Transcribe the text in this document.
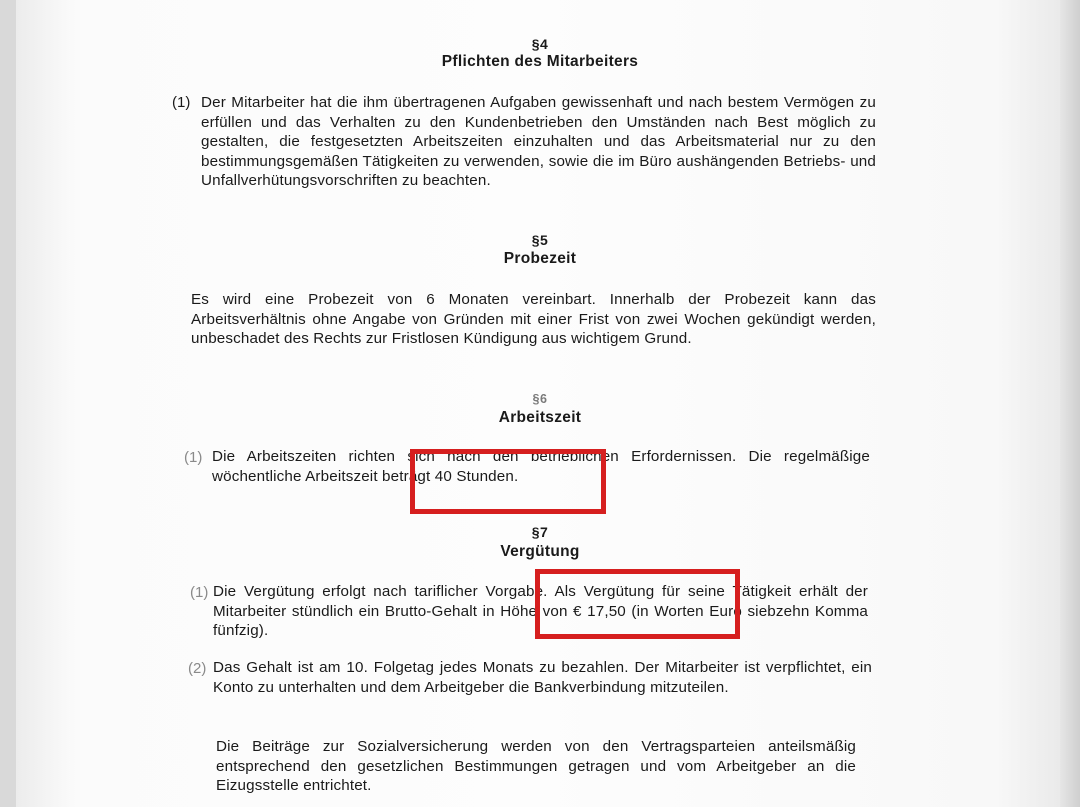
§4

Pflichten des Mitarbeiters

(1) Der Mitarbeiter hat die ihm übertragenen Aufgaben gewissenhaft und nach bestem Vermögen zu erfüllen und das Verhalten zu den Kundenbetrieben den Umständen nach Best möglich zu gestalten, die festgesetzten Arbeitszeiten einzuhalten und das Arbeitsmaterial nur zu den bestimmungsgemäßen Tätigkeiten zu verwenden, sowie die im Büro aushängenden Betriebs- und Unfallverhütungsvorschriften zu beachten.

§5

Probezeit

Es wird eine Probezeit von 6 Monaten vereinbart. Innerhalb der Probezeit kann das Arbeitsverhältnis ohne Angabe von Gründen mit einer Frist von zwei Wochen gekündigt werden, unbeschadet des Rechts zur Fristlosen Kündigung aus wichtigem Grund.

§6

Arbeitszeit

(1) Die Arbeitszeiten richten sich nach den betrieblichen Erfordernissen. Die regelmäßige wöchentliche Arbeitszeit beträgt 40 Stunden.

§7

Vergütung

(1) Die Vergütung erfolgt nach tariflicher Vorgabe. Als Vergütung für seine Tätigkeit erhält der Mitarbeiter stündlich ein Brutto-Gehalt in Höhe von € 17,50 (in Worten Euro siebzehn Komma fünfzig).

(2) Das Gehalt ist am 10. Folgetag jedes Monats zu bezahlen. Der Mitarbeiter ist verpflichtet, ein Konto zu unterhalten und dem Arbeitgeber die Bankverbindung mitzuteilen.

Die Beiträge zur Sozialversicherung werden von den Vertragsparteien anteilsmäßig entsprechend den gesetzlichen Bestimmungen getragen und vom Arbeitgeber an die Eizugsstelle entrichtet.
